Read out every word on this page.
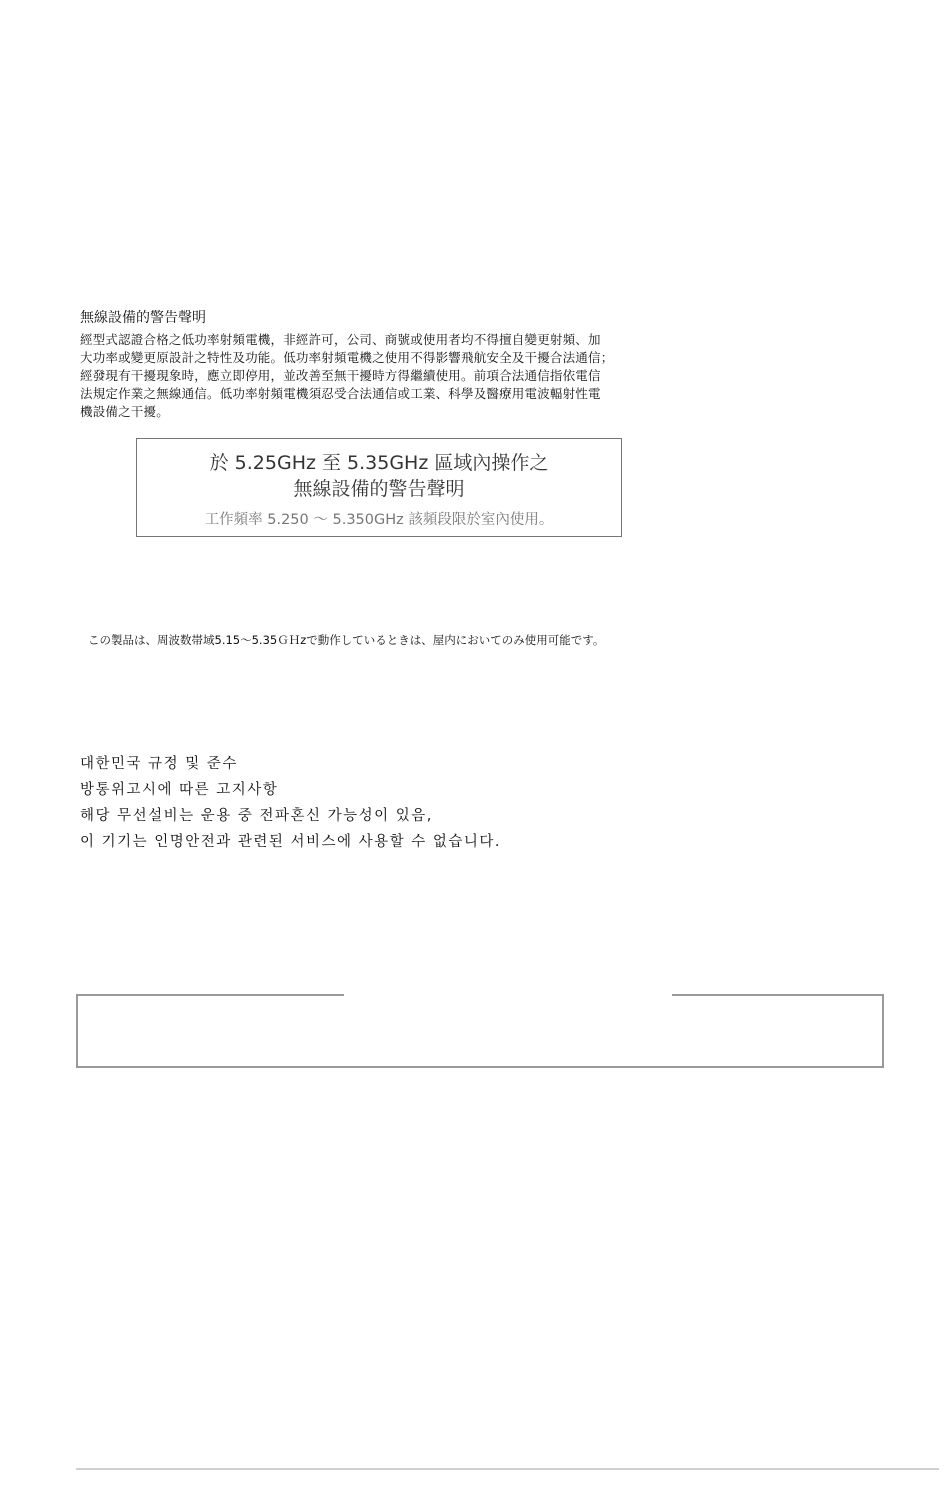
無線設備的警告聲明
經型式認證合格之低功率射頻電機，非經許可，公司、商號或使用者均不得擅自變更射頻、加
大功率或變更原設計之特性及功能。低功率射頻電機之使用不得影響飛航安全及干擾合法通信；
經發現有干擾現象時，應立即停用，並改善至無干擾時方得繼續使用。前項合法通信指依電信
法規定作業之無線通信。低功率射頻電機須忍受合法通信或工業、科學及醫療用電波輻射性電
機設備之干擾。
於 5.25GHz 至 5.35GHz 區域內操作之
無線設備的警告聲明
工作頻率 5.250 ～ 5.350GHz 該頻段限於室內使用。
この製品は、周波数帯域5.15～5.35ＧＨzで動作しているときは、屋内においてのみ使用可能です。
대한민국 규정 및 준수
방통위고시에 따른 고지사항
해당 무선설비는 운용 중 전파혼신 가능성이 있음,
이 기기는 인명안전과 관련된 서비스에 사용할 수 없습니다.
